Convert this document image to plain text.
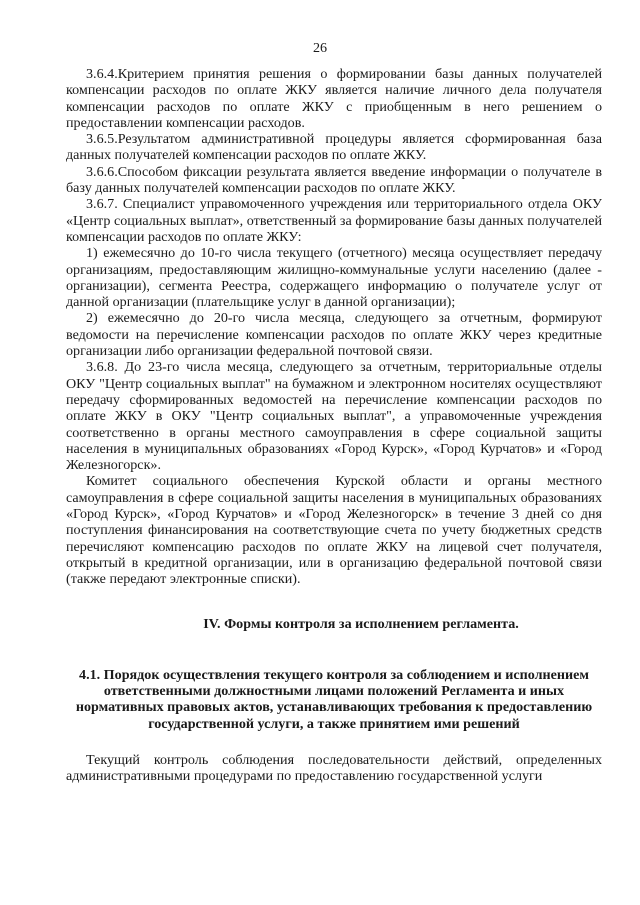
26

3.6.4.Критерием принятия решения о формировании базы данных получателей компенсации расходов по оплате ЖКУ является наличие личного дела получателя компенсации расходов по оплате ЖКУ с приобщенным в него решением о предоставлении компенсации расходов.

3.6.5.Результатом административной процедуры является сформированная база данных получателей компенсации расходов по оплате ЖКУ.

3.6.6.Способом фиксации результата является введение информации о получателе в базу данных получателей компенсации расходов по оплате ЖКУ.

3.6.7. Специалист управомоченного учреждения или территориального отдела ОКУ «Центр социальных выплат», ответственный за формирование базы данных получателей компенсации расходов по оплате ЖКУ:

1) ежемесячно до 10-го числа текущего (отчетного) месяца осуществляет передачу организациям, предоставляющим жилищно-коммунальные услуги населению (далее - организации), сегмента Реестра, содержащего информацию о получателе услуг от данной организации (плательщике услуг в данной организации);

2) ежемесячно до 20-го числа месяца, следующего за отчетным, формируют ведомости на перечисление компенсации расходов по оплате ЖКУ через кредитные организации либо организации федеральной почтовой связи.

3.6.8. До 23-го числа месяца, следующего за отчетным, территориальные отделы ОКУ "Центр социальных выплат" на бумажном и электронном носителях осуществляют передачу сформированных ведомостей на перечисление компенсации расходов по оплате ЖКУ в ОКУ "Центр социальных выплат", а управомоченные учреждения соответственно в органы местного самоуправления в сфере социальной защиты населения в муниципальных образованиях «Город Курск», «Город Курчатов» и «Город Железногорск».

Комитет социального обеспечения Курской области и органы местного самоуправления в сфере социальной защиты населения в муниципальных образованиях «Город Курск», «Город Курчатов» и «Город Железногорск» в течение 3 дней со дня поступления финансирования на соответствующие счета по учету бюджетных средств перечисляют компенсацию расходов по оплате ЖКУ на лицевой счет получателя, открытый в кредитной организации, или в организацию федеральной почтовой связи (также передают электронные списки).

IV. Формы контроля за исполнением регламента.

4.1. Порядок осуществления текущего контроля за соблюдением и исполнением ответственными должностными лицами положений Регламента и иных нормативных правовых актов, устанавливающих требования к предоставлению государственной услуги, а также принятием ими решений

Текущий контроль соблюдения последовательности действий, определенных административными процедурами по предоставлению государственной услуги
